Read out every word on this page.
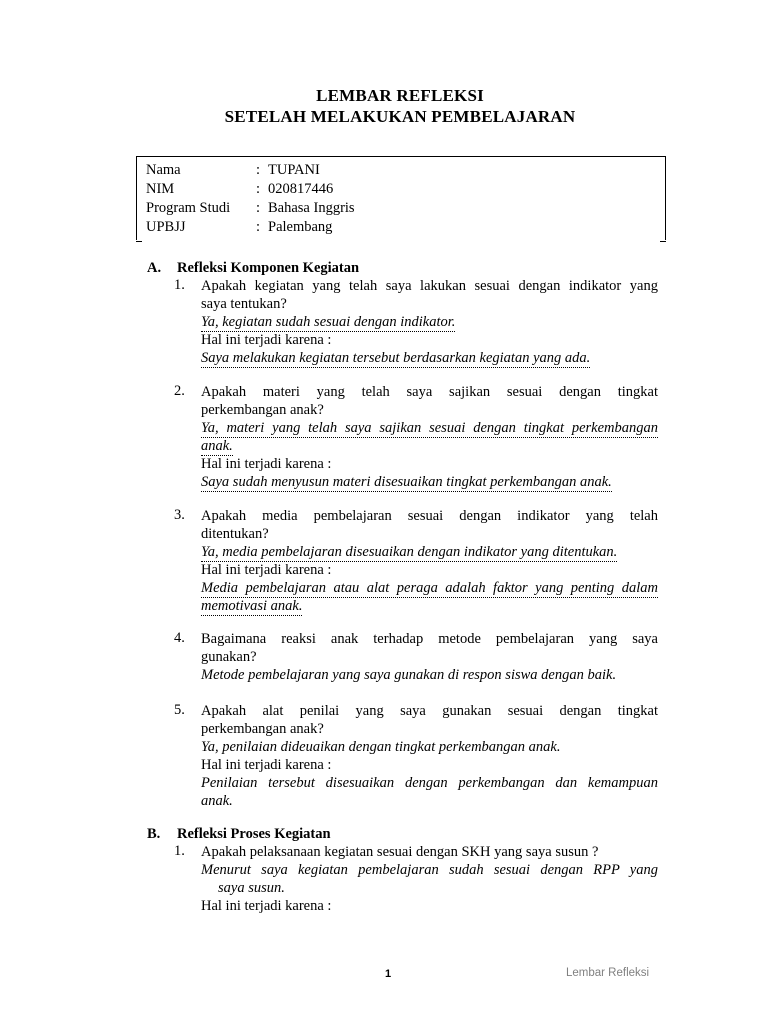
LEMBAR REFLEKSI
SETELAH MELAKUKAN PEMBELAJARAN
Nama	: TUPANI
NIM	: 020817446
Program Studi	: Bahasa Inggris
UPBJJ	: Palembang
A. Refleksi Komponen Kegiatan
1. Apakah kegiatan yang telah saya lakukan sesuai dengan indikator yang
saya tentukan?
Ya, kegiatan sudah sesuai dengan indikator.
Hal ini terjadi karena :
Saya melakukan kegiatan tersebut berdasarkan kegiatan yang ada.
2. Apakah materi yang telah saya sajikan sesuai dengan tingkat
perkembangan anak?
Ya, materi yang telah saya sajikan sesuai dengan tingkat perkembangan
anak.
Hal ini terjadi karena :
Saya sudah menyusun materi disesuaikan tingkat perkembangan anak.
3. Apakah media pembelajaran sesuai dengan indikator yang telah
ditentukan?
Ya, media pembelajaran disesuaikan dengan indikator yang ditentukan.
Hal ini terjadi karena :
Media pembelajaran atau alat peraga adalah faktor yang penting dalam
memotivasi anak.
4. Bagaimana reaksi anak terhadap metode pembelajaran yang saya
gunakan?
Metode pembelajaran yang saya gunakan di respon siswa dengan baik.
5. Apakah alat penilai yang saya gunakan sesuai dengan tingkat
perkembangan anak?
Ya, penilaian dideuaikan dengan tingkat perkembangan anak.
Hal ini terjadi karena :
Penilaian tersebut disesuaikan dengan perkembangan dan kemampuan
anak.
B. Refleksi Proses Kegiatan
1. Apakah pelaksanaan kegiatan sesuai dengan SKH yang saya susun ?
Menurut saya kegiatan pembelajaran sudah sesuai dengan RPP yang
saya susun.
Hal ini terjadi karena :
1	Lembar Refleksi
